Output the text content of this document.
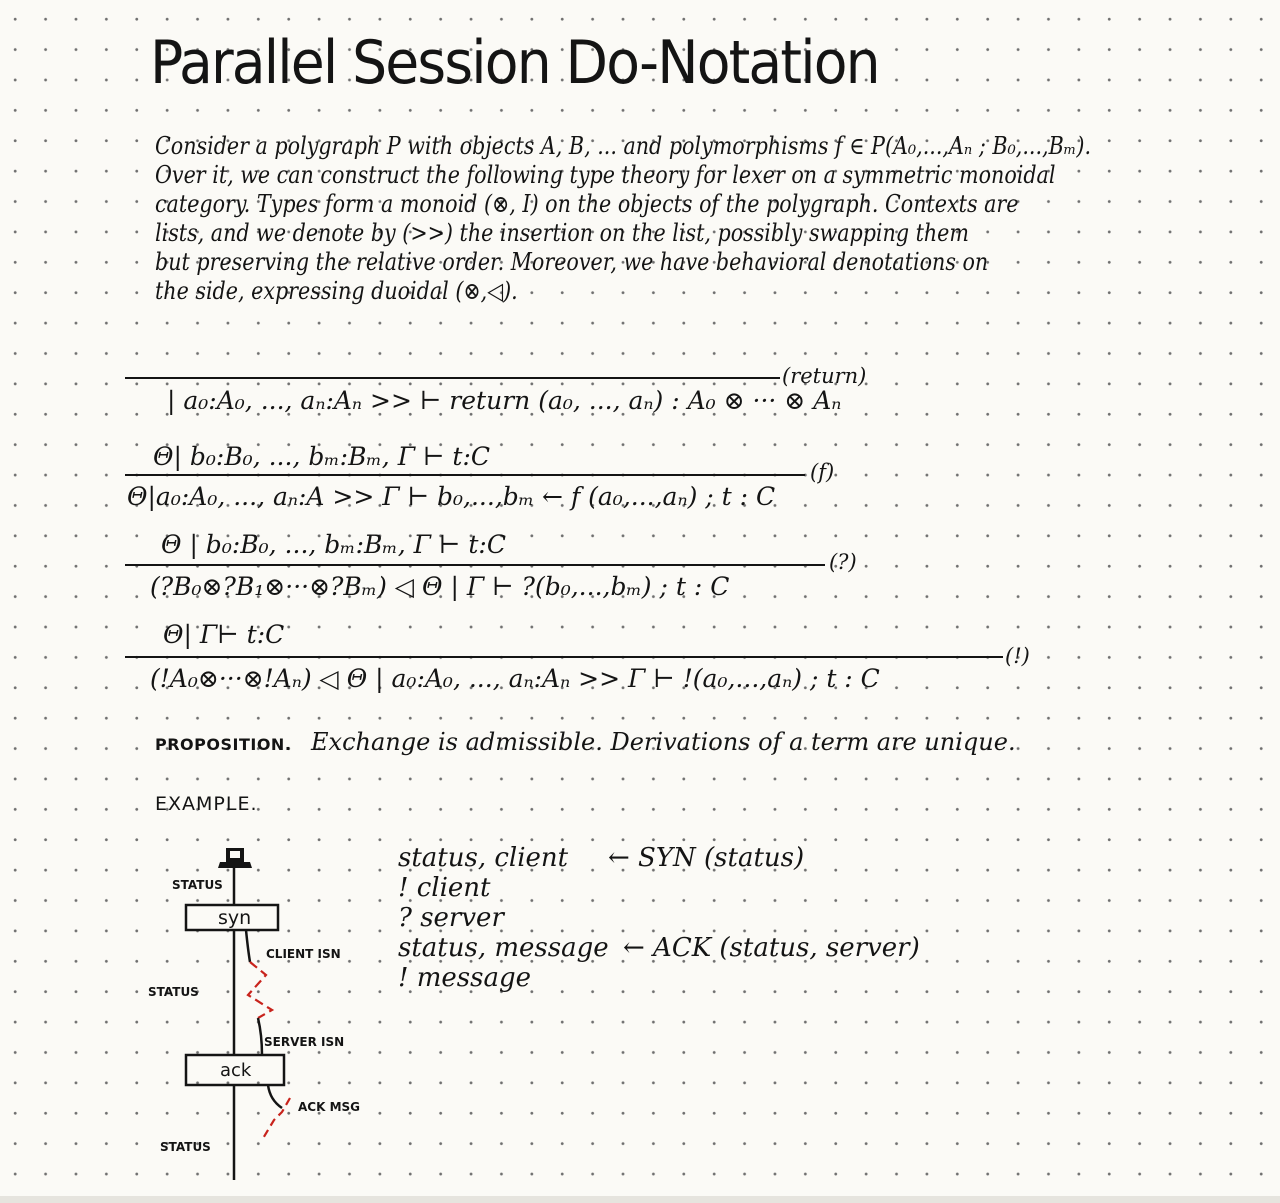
Parallel Session Do-Notation
Consider a polygraph P with objects A, B, ... and polymorphisms f ∈ P(A₀,...,Aₙ ; B₀,...,Bₘ).
Over it, we can construct the following type theory for lexer on a symmetric monoidal
category. Types form a monoid (⊗, I) on the objects of the polygraph. Contexts are
lists, and we denote by (>>) the insertion on the list, possibly swapping them
but preserving the relative order. Moreover, we have behavioral denotations on
the side, expressing duoidal (⊗,◁).
(return)
| a₀:A₀, ..., aₙ:Aₙ >> ⊢ return (a₀, ..., aₙ) : A₀ ⊗ ··· ⊗ Aₙ
Θ| b₀:B₀, ..., bₘ:Bₘ, Γ ⊢ t:C
(f)
Θ|a₀:A₀, ..., aₙ:A >> Γ ⊢ b₀,...,bₘ ← f (a₀,...,aₙ) ; t : C
Θ | b₀:B₀, ..., bₘ:Bₘ, Γ ⊢ t:C
(?)
(?B₀⊗?B₁⊗···⊗?Bₘ) ◁ Θ | Γ ⊢ ?(b₀,...,bₘ) ; t : C
Θ| Γ⊢ t:C
(!)
(!A₀⊗···⊗!Aₙ) ◁ Θ | a₀:A₀, ..., aₙ:Aₙ >> Γ ⊢ !(a₀,...,aₙ) ; t : C
PROPOSITION. Exchange is admissible. Derivations of a term are unique.
EXAMPLE.
syn
ack
STATUS
STATUS
STATUS
CLIENT ISN
SERVER ISN
ACK MSG
status, client ← SYN (status)
! client
? server
status, message ← ACK (status, server)
! message
